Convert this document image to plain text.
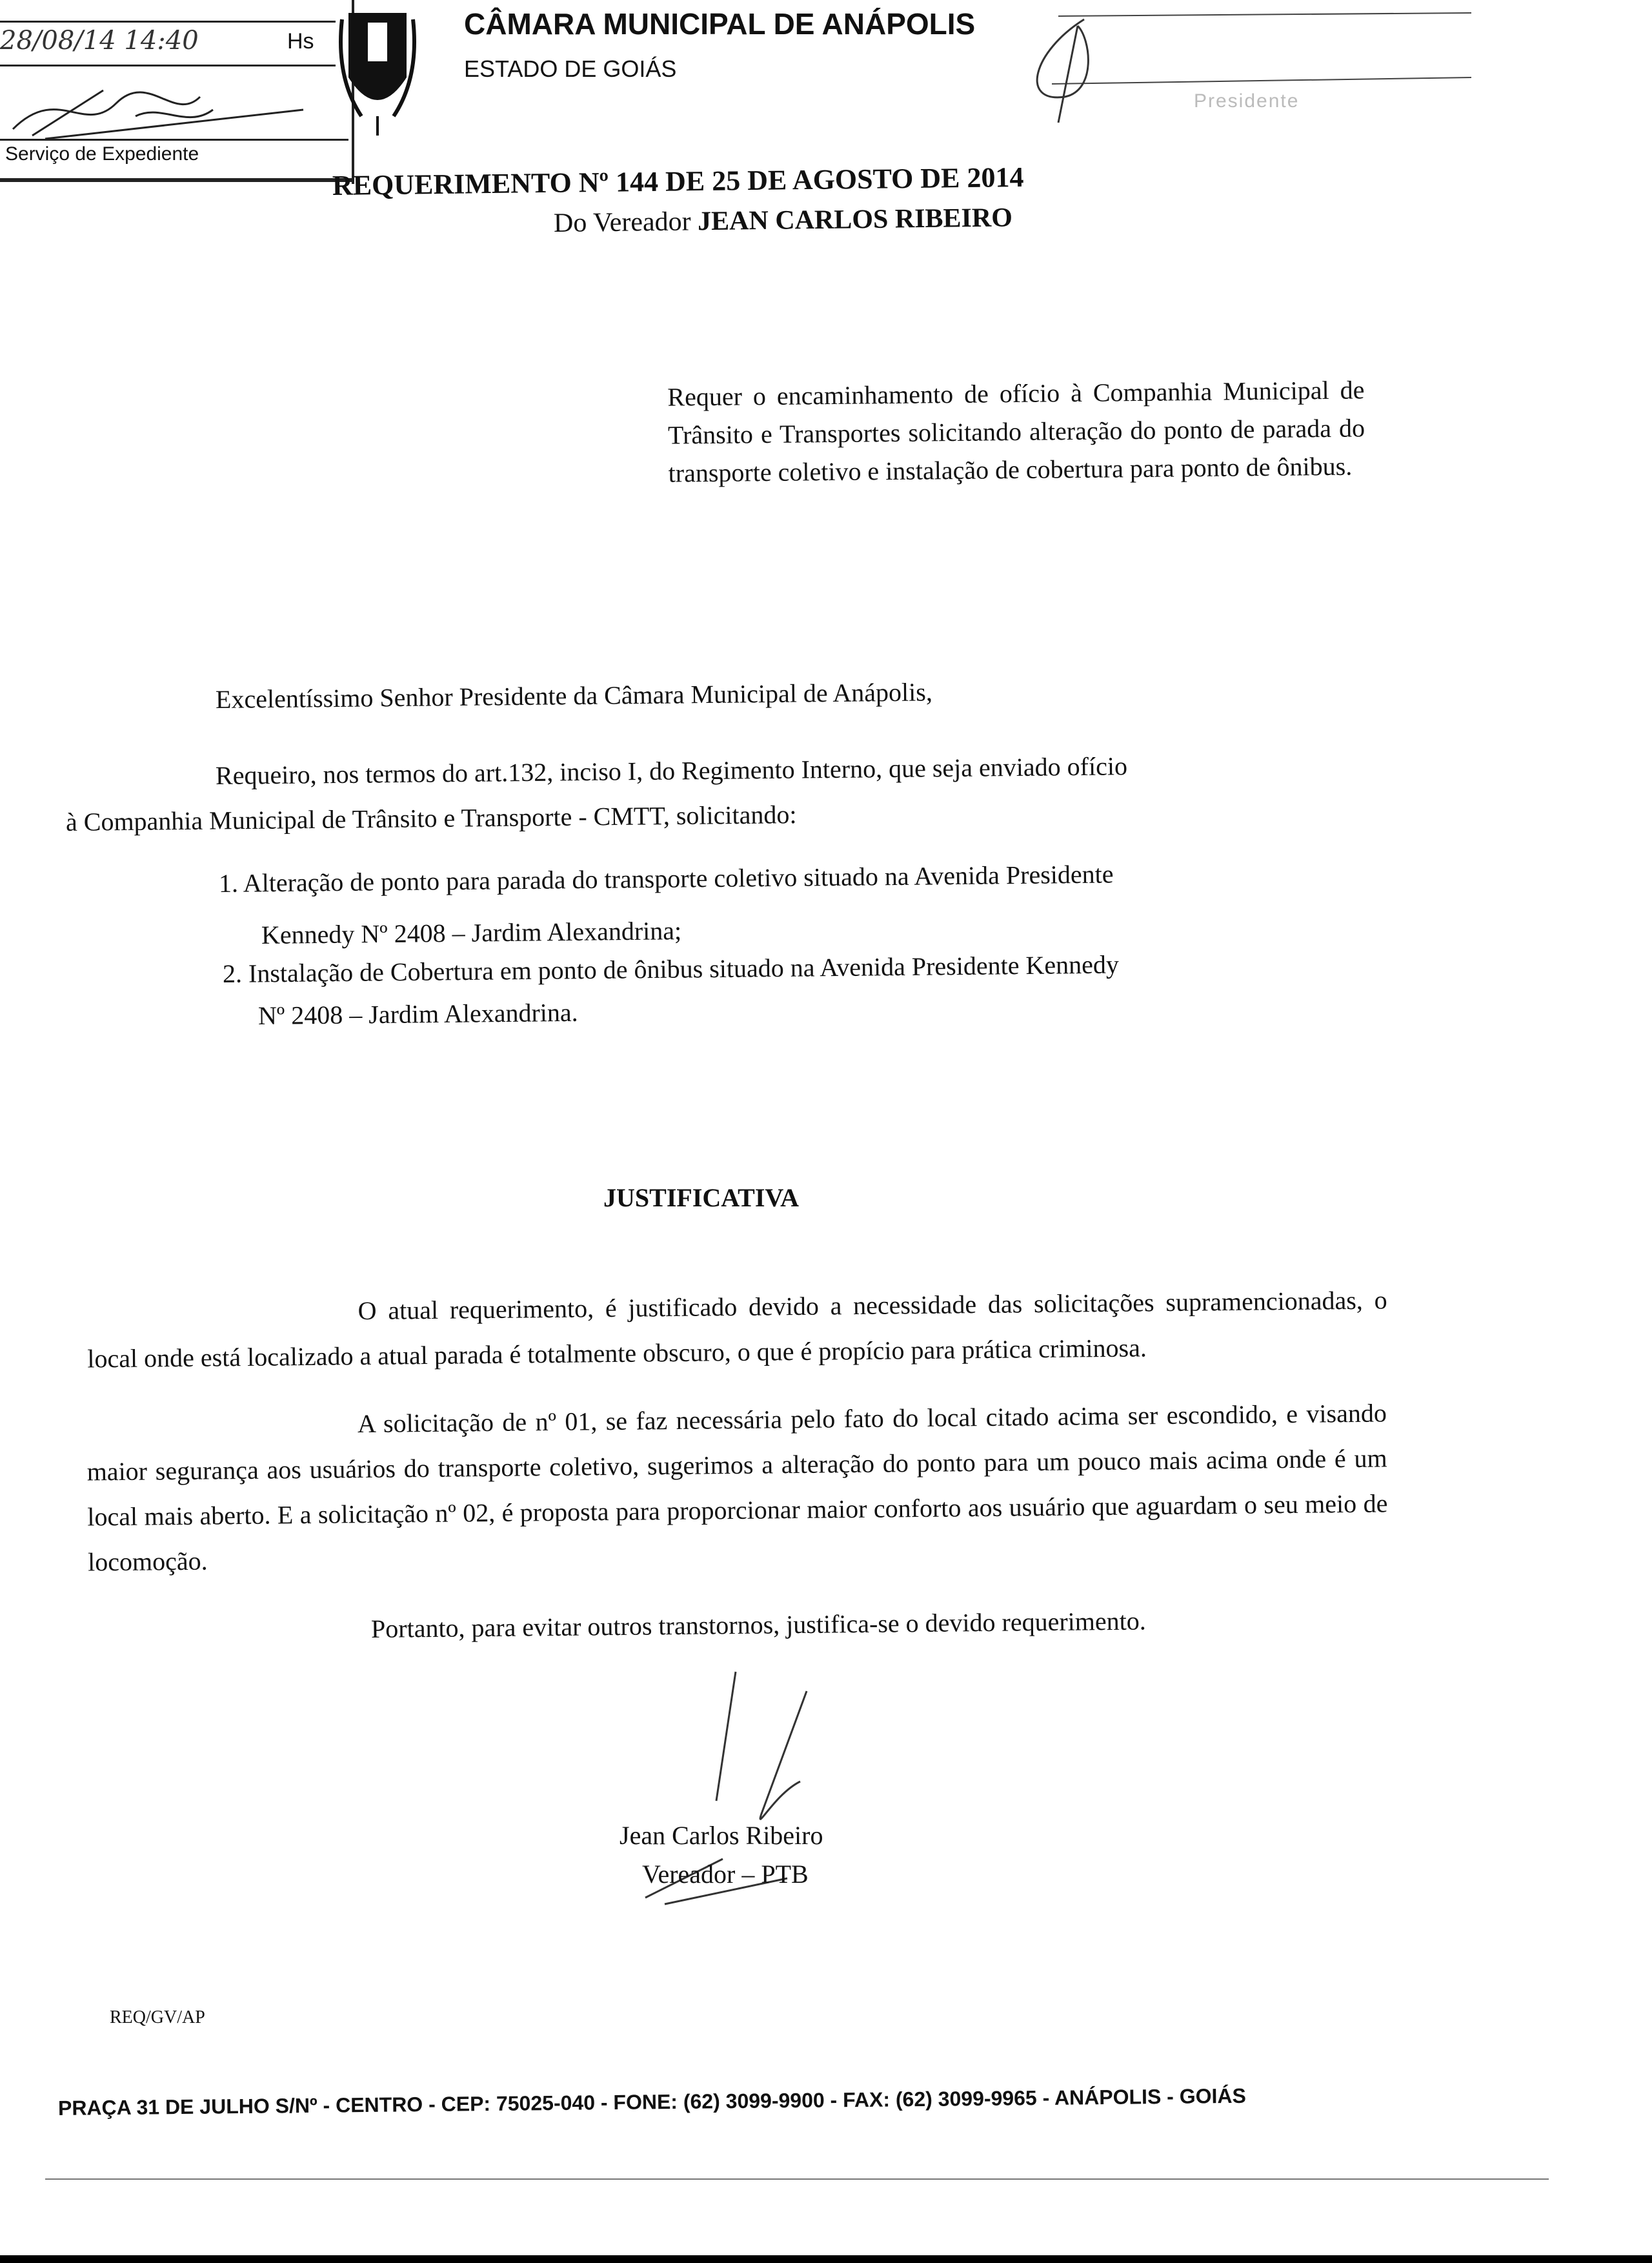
28/08/14 14:40	Hs
Serviço de Expediente
CÂMARA MUNICIPAL DE ANÁPOLIS
ESTADO DE GOIÁS
Presidente
REQUERIMENTO Nº 144 DE 25 DE AGOSTO DE 2014
Do Vereador JEAN CARLOS RIBEIRO
Requer o encaminhamento de ofício à Companhia Municipal de Trânsito e Transportes solicitando alteração do ponto de parada do transporte coletivo e instalação de cobertura para ponto de ônibus.
Excelentíssimo Senhor Presidente da Câmara Municipal de Anápolis,
Requeiro, nos termos do art.132, inciso I, do Regimento Interno, que seja enviado ofício
à Companhia Municipal de Trânsito e Transporte - CMTT, solicitando:
1. Alteração de ponto para parada do transporte coletivo situado na Avenida Presidente
Kennedy Nº 2408 – Jardim Alexandrina;
2. Instalação de Cobertura em ponto de ônibus situado na Avenida Presidente Kennedy
Nº 2408 – Jardim Alexandrina.
JUSTIFICATIVA
O atual requerimento, é justificado devido a necessidade das solicitações supramencionadas, o local onde está localizado a atual parada é totalmente obscuro, o que é propício para prática criminosa.
A solicitação de nº 01, se faz necessária pelo fato do local citado acima ser escondido, e visando maior segurança aos usuários do transporte coletivo, sugerimos a alteração do ponto para um pouco mais acima onde é um local mais aberto. E a solicitação nº 02, é proposta para proporcionar maior conforto aos usuário que aguardam o seu meio de locomoção.
Portanto, para evitar outros transtornos, justifica-se o devido requerimento.
Jean Carlos Ribeiro
Vereador – PTB
REQ/GV/AP
PRAÇA 31 DE JULHO S/Nº - CENTRO - CEP: 75025-040 - FONE: (62) 3099-9900 - FAX: (62) 3099-9965 - ANÁPOLIS - GOIÁS
